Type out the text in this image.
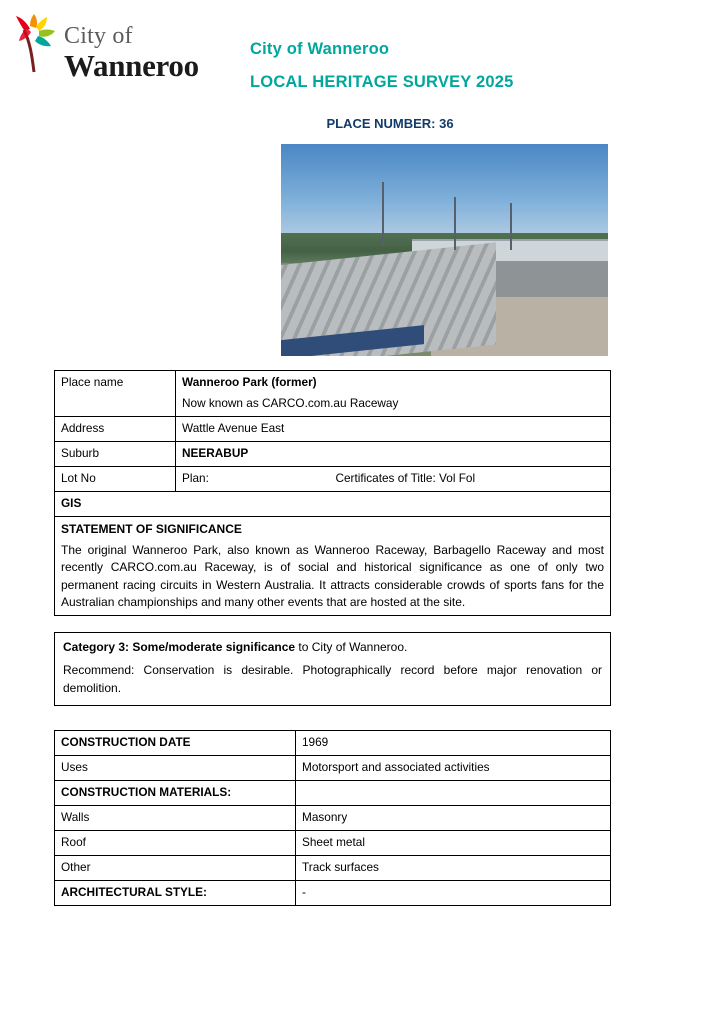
City of
Wanneroo	City of Wanneroo
LOCAL HERITAGE SURVEY 2025
PLACE NUMBER: 36
Place name	Wanneroo Park (former)
Now known as CARCO.com.au Raceway

Address	Wattle Avenue East
Suburb	NEERABUP
Lot No	Plan: Certificates of Title: Vol Fol
GIS	

STATEMENT OF SIGNIFICANCE
The original Wanneroo Park, also known as Wanneroo Raceway, Barbagello Raceway and most recently CARCO.com.au Raceway, is of social and historical significance as one of only two permanent racing circuits in Western Australia. It attracts considerable crowds of sports fans for the Australian championships and many other events that are hosted at the site.	
Category 3: Some/moderate significance to City of Wanneroo.
Recommend: Conservation is desirable. Photographically record before major renovation or demolition.
CONSTRUCTION DATE	1969
Uses	Motorsport and associated activities
CONSTRUCTION MATERIALS:	
Walls	Masonry
Roof	Sheet metal
Other	Track surfaces
ARCHITECTURAL STYLE:	-
